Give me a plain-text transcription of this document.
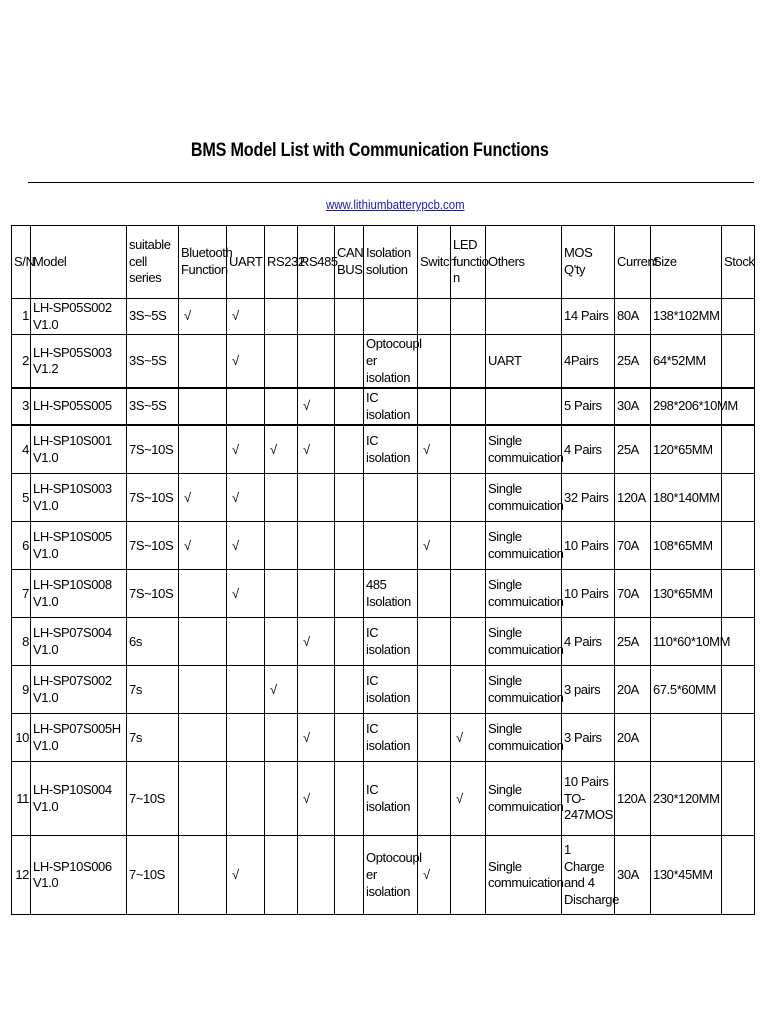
BMS Model List with Communication Functions
www.lithiumbatterypcb.com
S/N	Model	suitable
cell series	Bluetooth
Function	UART	RS232	RS485	CAN
BUS	Isolation
solution	Switch	LED
functio
n	Others	MOS Q'ty	Current	Size	Stock

1	LH-SP05S002 V1.0	3S~5S	√	√								14 Pairs	80A	138*102MM	

2	LH-SP05S003 V1.2	3S~5S		√				Optocoupl
er isolation			UART	4Pairs	25A	64*52MM	

3	LH-SP05S005	3S~5S				√		IC isolation				5 Pairs	30A	298*206*10MM	

4	LH-SP10S001 V1.0	7S~10S		√	√	√		IC isolation	√		Single
commuication	4 Pairs	25A	120*65MM	

5	LH-SP10S003 V1.0	7S~10S	√	√							Single
commuication	32 Pairs	120A	180*140MM	

6	LH-SP10S005 V1.0	7S~10S	√	√					√		Single
commuication	10 Pairs	70A	108*65MM	

7	LH-SP10S008 V1.0	7S~10S		√				485 Isolation			Single
commuication	10 Pairs	70A	130*65MM	

8	LH-SP07S004 V1.0	6s				√		IC isolation			Single
commuication	4 Pairs	25A	110*60*10MM	

9	LH-SP07S002 V1.0	7s			√			IC isolation			Single
commuication	3 pairs	20A	67.5*60MM	

10	LH-SP07S005H V1.0	7s				√		IC isolation		√	Single
commuication	3 Pairs	20A		

11	LH-SP10S004 V1.0	7~10S				√		IC isolation		√	Single
commuication	10 Pairs
TO-
247MOS	120A	230*120MM	

12	LH-SP10S006 V1.0	7~10S		√				Optocoupl
er isolation	√		Single
commuication	1 Charge
and 4
Discharge	30A	130*45MM	
